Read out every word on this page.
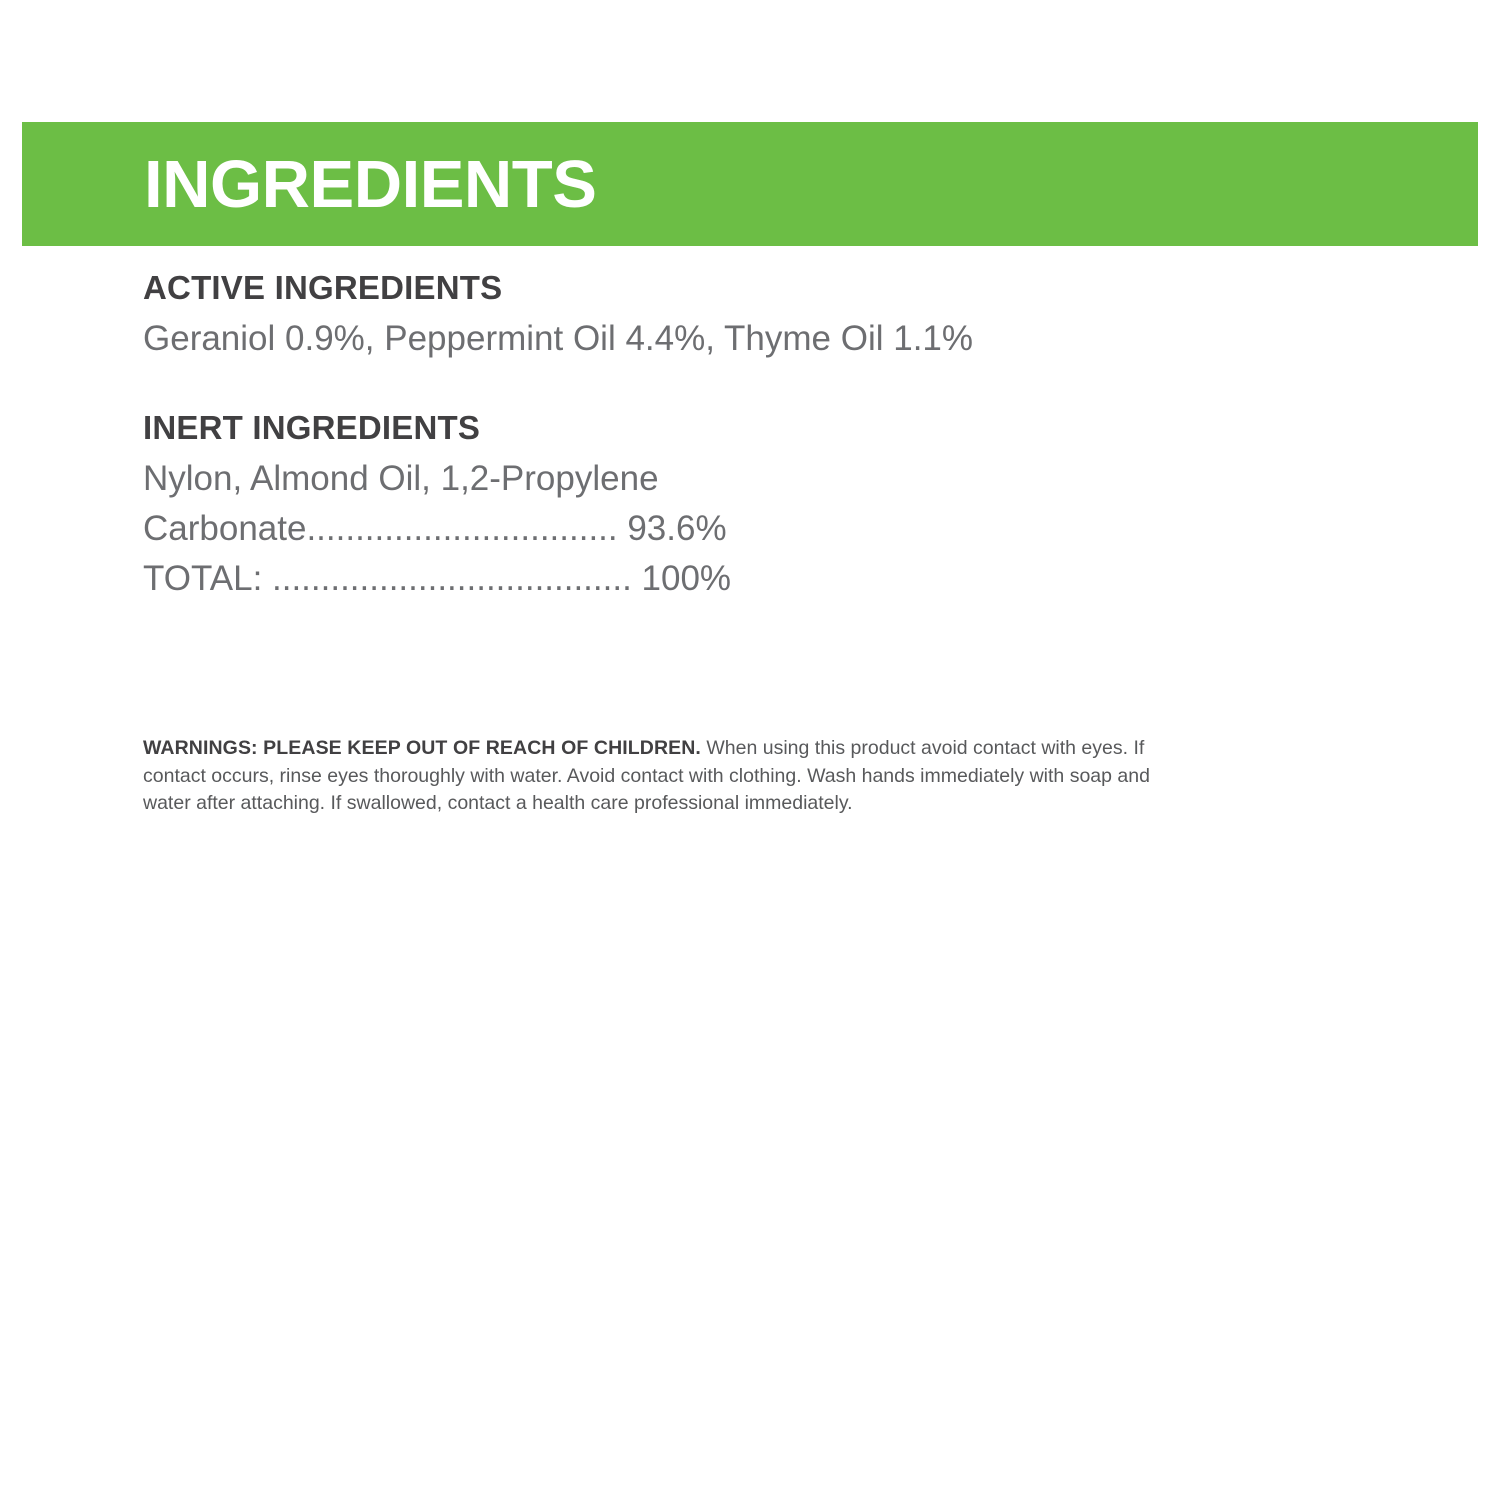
INGREDIENTS
ACTIVE INGREDIENTS
Geraniol 0.9%, Peppermint Oil 4.4%, Thyme Oil 1.1%
INERT INGREDIENTS
Nylon, Almond Oil, 1,2-Propylene
Carbonate................................ 93.6%
TOTAL: ..................................... 100%
WARNINGS: PLEASE KEEP OUT OF REACH OF CHILDREN. When using this product avoid contact with eyes. If contact occurs, rinse eyes thoroughly with water. Avoid contact with clothing. Wash hands immediately with soap and water after attaching. If swallowed, contact a health care professional immediately.
